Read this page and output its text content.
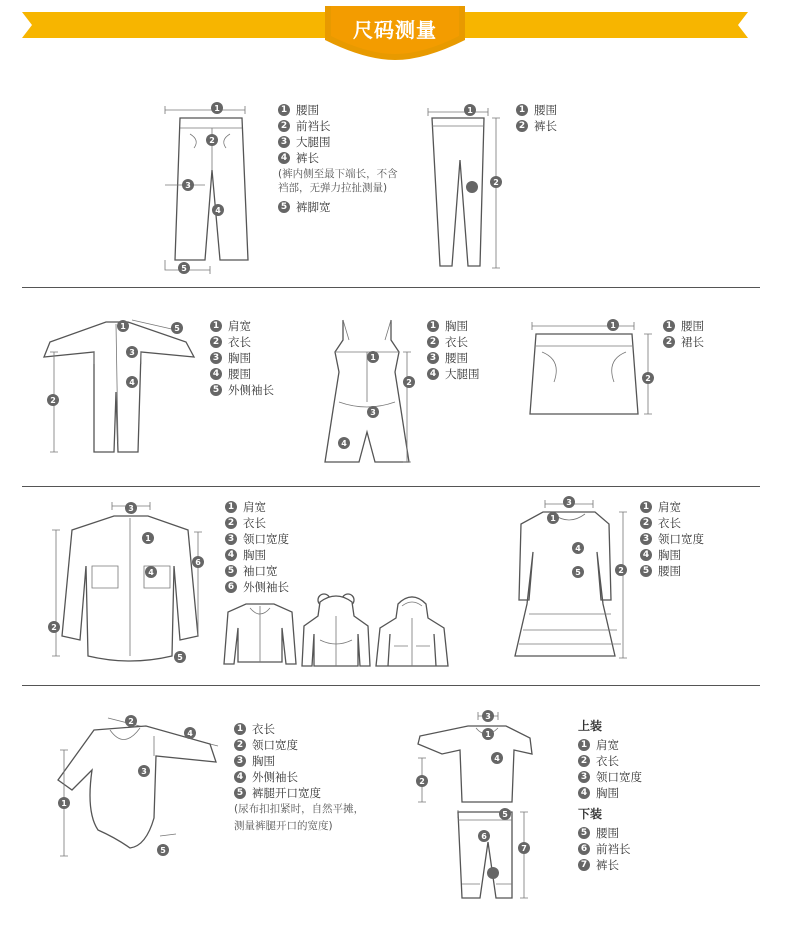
尺码测量
1
2
3
4
5
1 腰围
2 前裆长
3 大腿围
4 裤长
(裤内侧至最下端长，不含
裆部，无弹力拉扯测量)
5 裤脚宽
1
2
1 腰围
2 裤长
1	5
3
4
2
1 肩宽
2 衣长
3 胸围
4 腰围
5 外侧袖长
1
2
3
4
1 胸围
2 衣长
3 腰围
4 大腿围
1
2
1 腰围
2 裙长
3
1
4
6
2
5
1 肩宽
2 衣长
3 领口宽度
4 胸围
5 袖口宽
6 外侧袖长
3
1
4
5	2
1 肩宽
2 衣长
3 领口宽度
4 胸围
5 腰围
2
4
3
1
5
1 衣长
2 领口宽度
3 胸围
4 外侧袖长
5 裤腿开口宽度
(尿布扣扣紧时，自然平摊，
测量裤腿开口的宽度)
3
1
4
2
5
6
7
上装
1 肩宽
2 衣长
3 领口宽度
4 胸围
下装
5 腰围
6 前裆长
7 裤长
